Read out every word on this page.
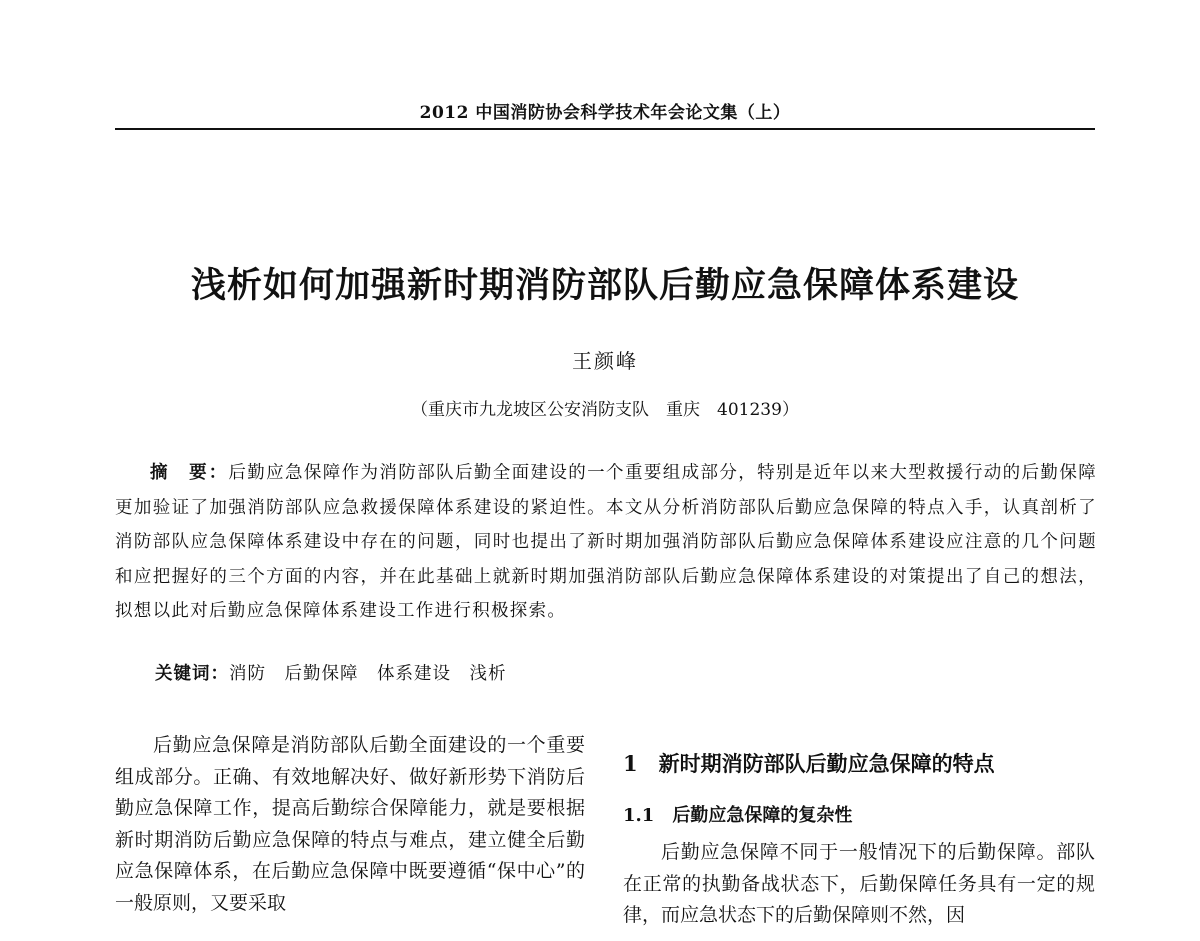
2012 中国消防协会科学技术年会论文集（上）
浅析如何加强新时期消防部队后勤应急保障体系建设
王颜峰
（重庆市九龙坡区公安消防支队　重庆　401239）

摘　要：后勤应急保障作为消防部队后勤全面建设的一个重要组成部分，特别是近年以来大型救援行动的后勤保障更加验证了加强消防部队应急救援保障体系建设的紧迫性。本文从分析消防部队后勤应急保障的特点入手，认真剖析了消防部队应急保障体系建设中存在的问题，同时也提出了新时期加强消防部队后勤应急保障体系建设应注意的几个问题和应把握好的三个方面的内容，并在此基础上就新时期加强消防部队后勤应急保障体系建设的对策提出了自己的想法，拟想以此对后勤应急保障体系建设工作进行积极探索。

关键词：消防　后勤保障　体系建设　浅析

后勤应急保障是消防部队后勤全面建设的一个重要组成部分。正确、有效地解决好、做好新形势下消防后勤应急保障工作，提高后勤综合保障能力，就是要根据新时期消防后勤应急保障的特点与难点，建立健全后勤应急保障体系，在后勤应急保障中既要遵循“保中心”的一般原则，又要采取

1　新时期消防部队后勤应急保障的特点
1.1　后勤应急保障的复杂性

后勤应急保障不同于一般情况下的后勤保障。部队在正常的执勤备战状态下，后勤保障任务具有一定的规律，而应急状态下的后勤保障则不然，因
